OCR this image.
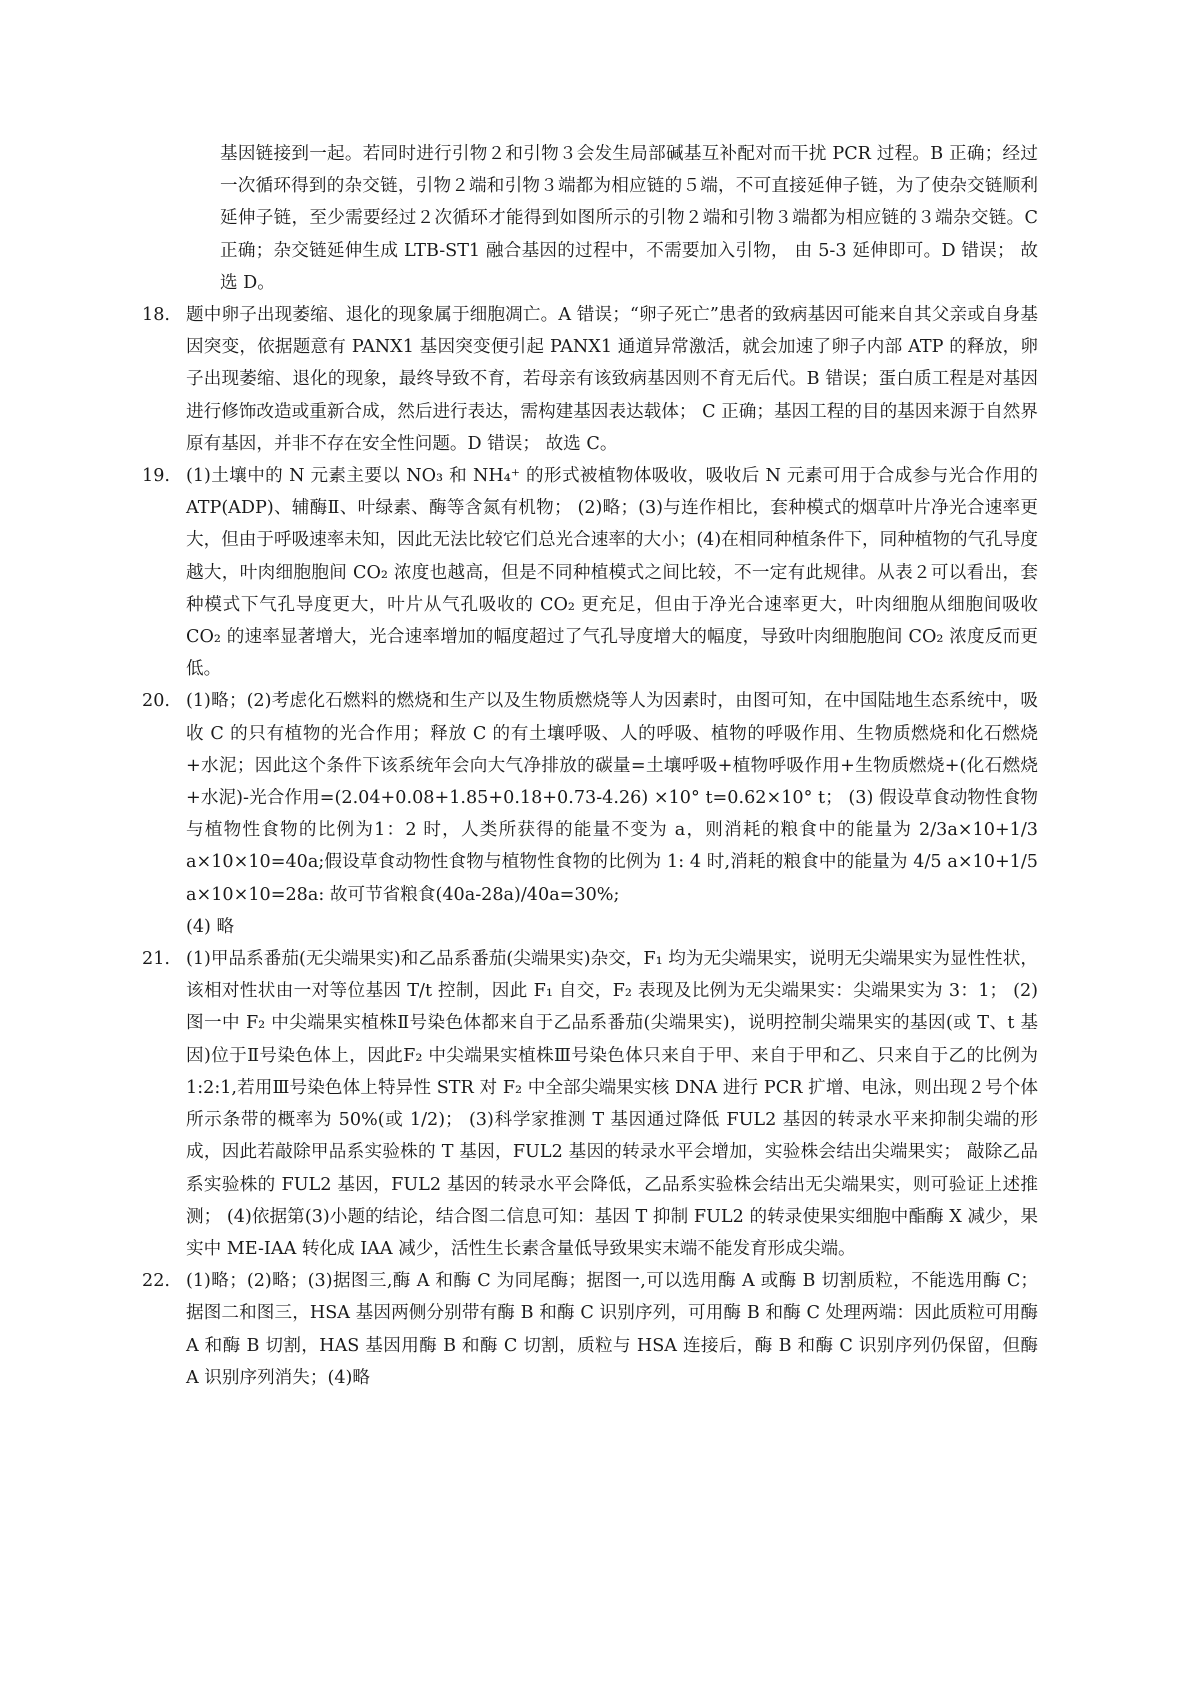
基因链接到一起。若同时进行引物２和引物３会发生局部碱基互补配对而干扰 PCR 过程。B 正确；经过一次循环得到的杂交链，引物２端和引物３端都为相应链的５端，不可直接延伸子链，为了使杂交链顺利延伸子链，至少需要经过２次循环才能得到如图所示的引物２端和引物３端都为相应链的３端杂交链。C 正确；杂交链延伸生成 LTB-ST1 融合基因的过程中，不需要加入引物， 由 5-3 延伸即可。D 错误； 故选 D。

18. 题中卵子出现萎缩、退化的现象属于细胞凋亡。A 错误；“卵子死亡”患者的致病基因可能来自其父亲或自身基因突变，依据题意有 PANX1 基因突变便引起 PANX1 通道异常激活，就会加速了卵子内部 ATP 的释放，卵子出现萎缩、退化的现象，最终导致不育，若母亲有该致病基因则不育无后代。B 错误；蛋白质工程是对基因进行修饰改造或重新合成，然后进行表达，需构建基因表达载体； C 正确；基因工程的目的基因来源于自然界原有基因，并非不存在安全性问题。D 错误； 故选 C。

19. (1)土壤中的 N 元素主要以 NO₃ 和 NH₄⁺ 的形式被植物体吸收，吸收后 N 元素可用于合成参与光合作用的 ATP(ADP)、辅酶Ⅱ、叶绿素、酶等含氮有机物； (2)略；(3)与连作相比，套种模式的烟草叶片净光合速率更大，但由于呼吸速率未知，因此无法比较它们总光合速率的大小；(4)在相同种植条件下，同种植物的气孔导度越大，叶肉细胞胞间 CO₂ 浓度也越高，但是不同种植模式之间比较，不一定有此规律。从表２可以看出，套种模式下气孔导度更大，叶片从气孔吸收的 CO₂ 更充足，但由于净光合速率更大，叶肉细胞从细胞间吸收 CO₂ 的速率显著增大，光合速率增加的幅度超过了气孔导度增大的幅度，导致叶肉细胞胞间 CO₂ 浓度反而更低。

20. (1)略；(2)考虑化石燃料的燃烧和生产以及生物质燃烧等人为因素时，由图可知，在中国陆地生态系统中，吸收 C 的只有植物的光合作用；释放 C 的有土壤呼吸、人的呼吸、植物的呼吸作用、生物质燃烧和化石燃烧+水泥；因此这个条件下该系统年会向大气净排放的碳量=土壤呼吸+植物呼吸作用+生物质燃烧+(化石燃烧+水泥)-光合作用=(2.04+0.08+1.85+0.18+0.73-4.26) ×10° t=0.62×10° t； (3) 假设草食动物性食物与植物性食物的比例为1：2 时，人类所获得的能量不变为 a，则消耗的粮食中的能量为 2/3a×10+1/3 a×10×10=40a;假设草食动物性食物与植物性食物的比例为 1: 4 时,消耗的粮食中的能量为 4/5 a×10+1/5 a×10×10=28a: 故可节省粮食(40a-28a)/40a=30%;

(4) 略

21. (1)甲品系番茄(无尖端果实)和乙品系番茄(尖端果实)杂交，F₁ 均为无尖端果实，说明无尖端果实为显性性状，该相对性状由一对等位基因 T/t 控制，因此 F₁ 自交，F₂ 表现及比例为无尖端果实：尖端果实为 3：1； (2)图一中 F₂ 中尖端果实植株Ⅱ号染色体都来自于乙品系番茄(尖端果实)，说明控制尖端果实的基因(或 T、t 基因)位于Ⅱ号染色体上，因此F₂ 中尖端果实植株Ⅲ号染色体只来自于甲、来自于甲和乙、只来自于乙的比例为 1:2:1,若用Ⅲ号染色体上特异性 STR 对 F₂ 中全部尖端果实核 DNA 进行 PCR 扩增、电泳，则出现２号个体所示条带的概率为 50%(或 1/2)； (3)科学家推测 T 基因通过降低 FUL2 基因的转录水平来抑制尖端的形成，因此若敲除甲品系实验株的 T 基因，FUL2 基因的转录水平会增加，实验株会结出尖端果实； 敲除乙品系实验株的 FUL2 基因，FUL2 基因的转录水平会降低，乙品系实验株会结出无尖端果实，则可验证上述推测； (4)依据第(3)小题的结论，结合图二信息可知：基因 T 抑制 FUL2 的转录使果实细胞中酯酶 X 减少，果实中 ME-IAA 转化成 IAA 减少，活性生长素含量低导致果实末端不能发育形成尖端。

22. (1)略；(2)略；(3)据图三,酶 A 和酶 C 为同尾酶；据图一,可以选用酶 A 或酶 B 切割质粒，不能选用酶 C；据图二和图三，HSA 基因两侧分别带有酶 B 和酶 C 识别序列，可用酶 B 和酶 C 处理两端：因此质粒可用酶 A 和酶 B 切割，HAS 基因用酶 B 和酶 C 切割，质粒与 HSA 连接后，酶 B 和酶 C 识别序列仍保留，但酶 A 识别序列消失；(4)略
